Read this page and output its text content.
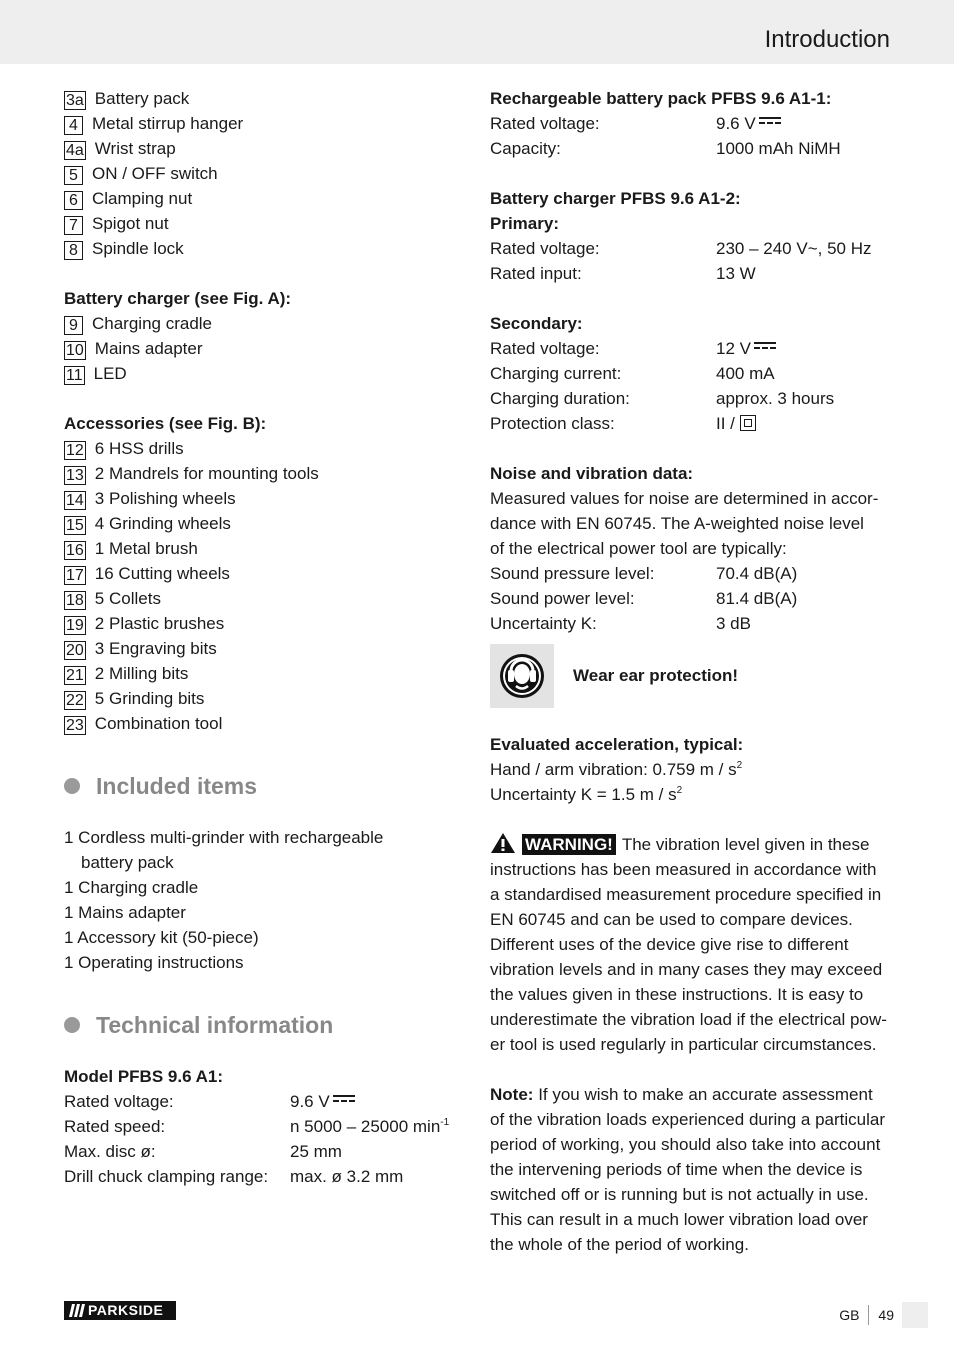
Introduction
3a Battery pack
4 Metal stirrup hanger
4a Wrist strap
5 ON / OFF switch
6 Clamping nut
7 Spigot nut
8 Spindle lock
Battery charger (see Fig. A):
9 Charging cradle
10 Mains adapter
11 LED
Accessories (see Fig. B):
12 6 HSS drills
13 2 Mandrels for mounting tools
14 3 Polishing wheels
15 4 Grinding wheels
16 1 Metal brush
17 16 Cutting wheels
18 5 Collets
19 2 Plastic brushes
20 3 Engraving bits
21 2 Milling bits
22 5 Grinding bits
23 Combination tool
Included items
1 Cordless multi-grinder with rechargeable
battery pack
1 Charging cradle
1 Mains adapter
1 Accessory kit (50-piece)
1 Operating instructions
Technical information
Model PFBS 9.6 A1:
Rated voltage:	9.6 V
Rated speed:	n 5000 – 25000 $\min^{-1}$
Max. disc ø:	25 mm
Drill chuck clamping range:	max. ø 3.2 mm
Rechargeable battery pack PFBS 9.6 A1-1:
Rated voltage:	9.6 V
Capacity:	1000 mAh NiMH
Battery charger PFBS 9.6 A1-2:
Primary:
Rated voltage:	230 – 240 V~, 50 Hz
Rated input:	13 W
Secondary:
Rated voltage:	12 V
Charging current:	400 mA
Charging duration:	approx. 3 hours
Protection class:	II /
Noise and vibration data:
Measured values for noise are determined in accor-
dance with EN 60745. The A-weighted noise level
of the electrical power tool are typically:
Sound pressure level:	70.4 dB(A)
Sound power level:	81.4 dB(A)
Uncertainty K:	3 dB
Wear ear protection!
Evaluated acceleration, typical:
Hand / arm vibration: 0.759 m / $s^2$
Uncertainty K = 1.5 m / $s^2$
WARNING! The vibration level given in these
instructions has been measured in accordance with
a standardised measurement procedure specified in
EN 60745 and can be used to compare devices.
Different uses of the device give rise to different
vibration levels and in many cases they may exceed
the values given in these instructions. It is easy to
underestimate the vibration load if the electrical pow-
er tool is used regularly in particular circumstances.
Note: If you wish to make an accurate assessment
of the vibration loads experienced during a particular
period of working, you should also take into account
the intervening periods of time when the device is
switched off or is running but is not actually in use.
This can result in a much lower vibration load over
the whole of the period of working.
PARKSIDE	GB 49
